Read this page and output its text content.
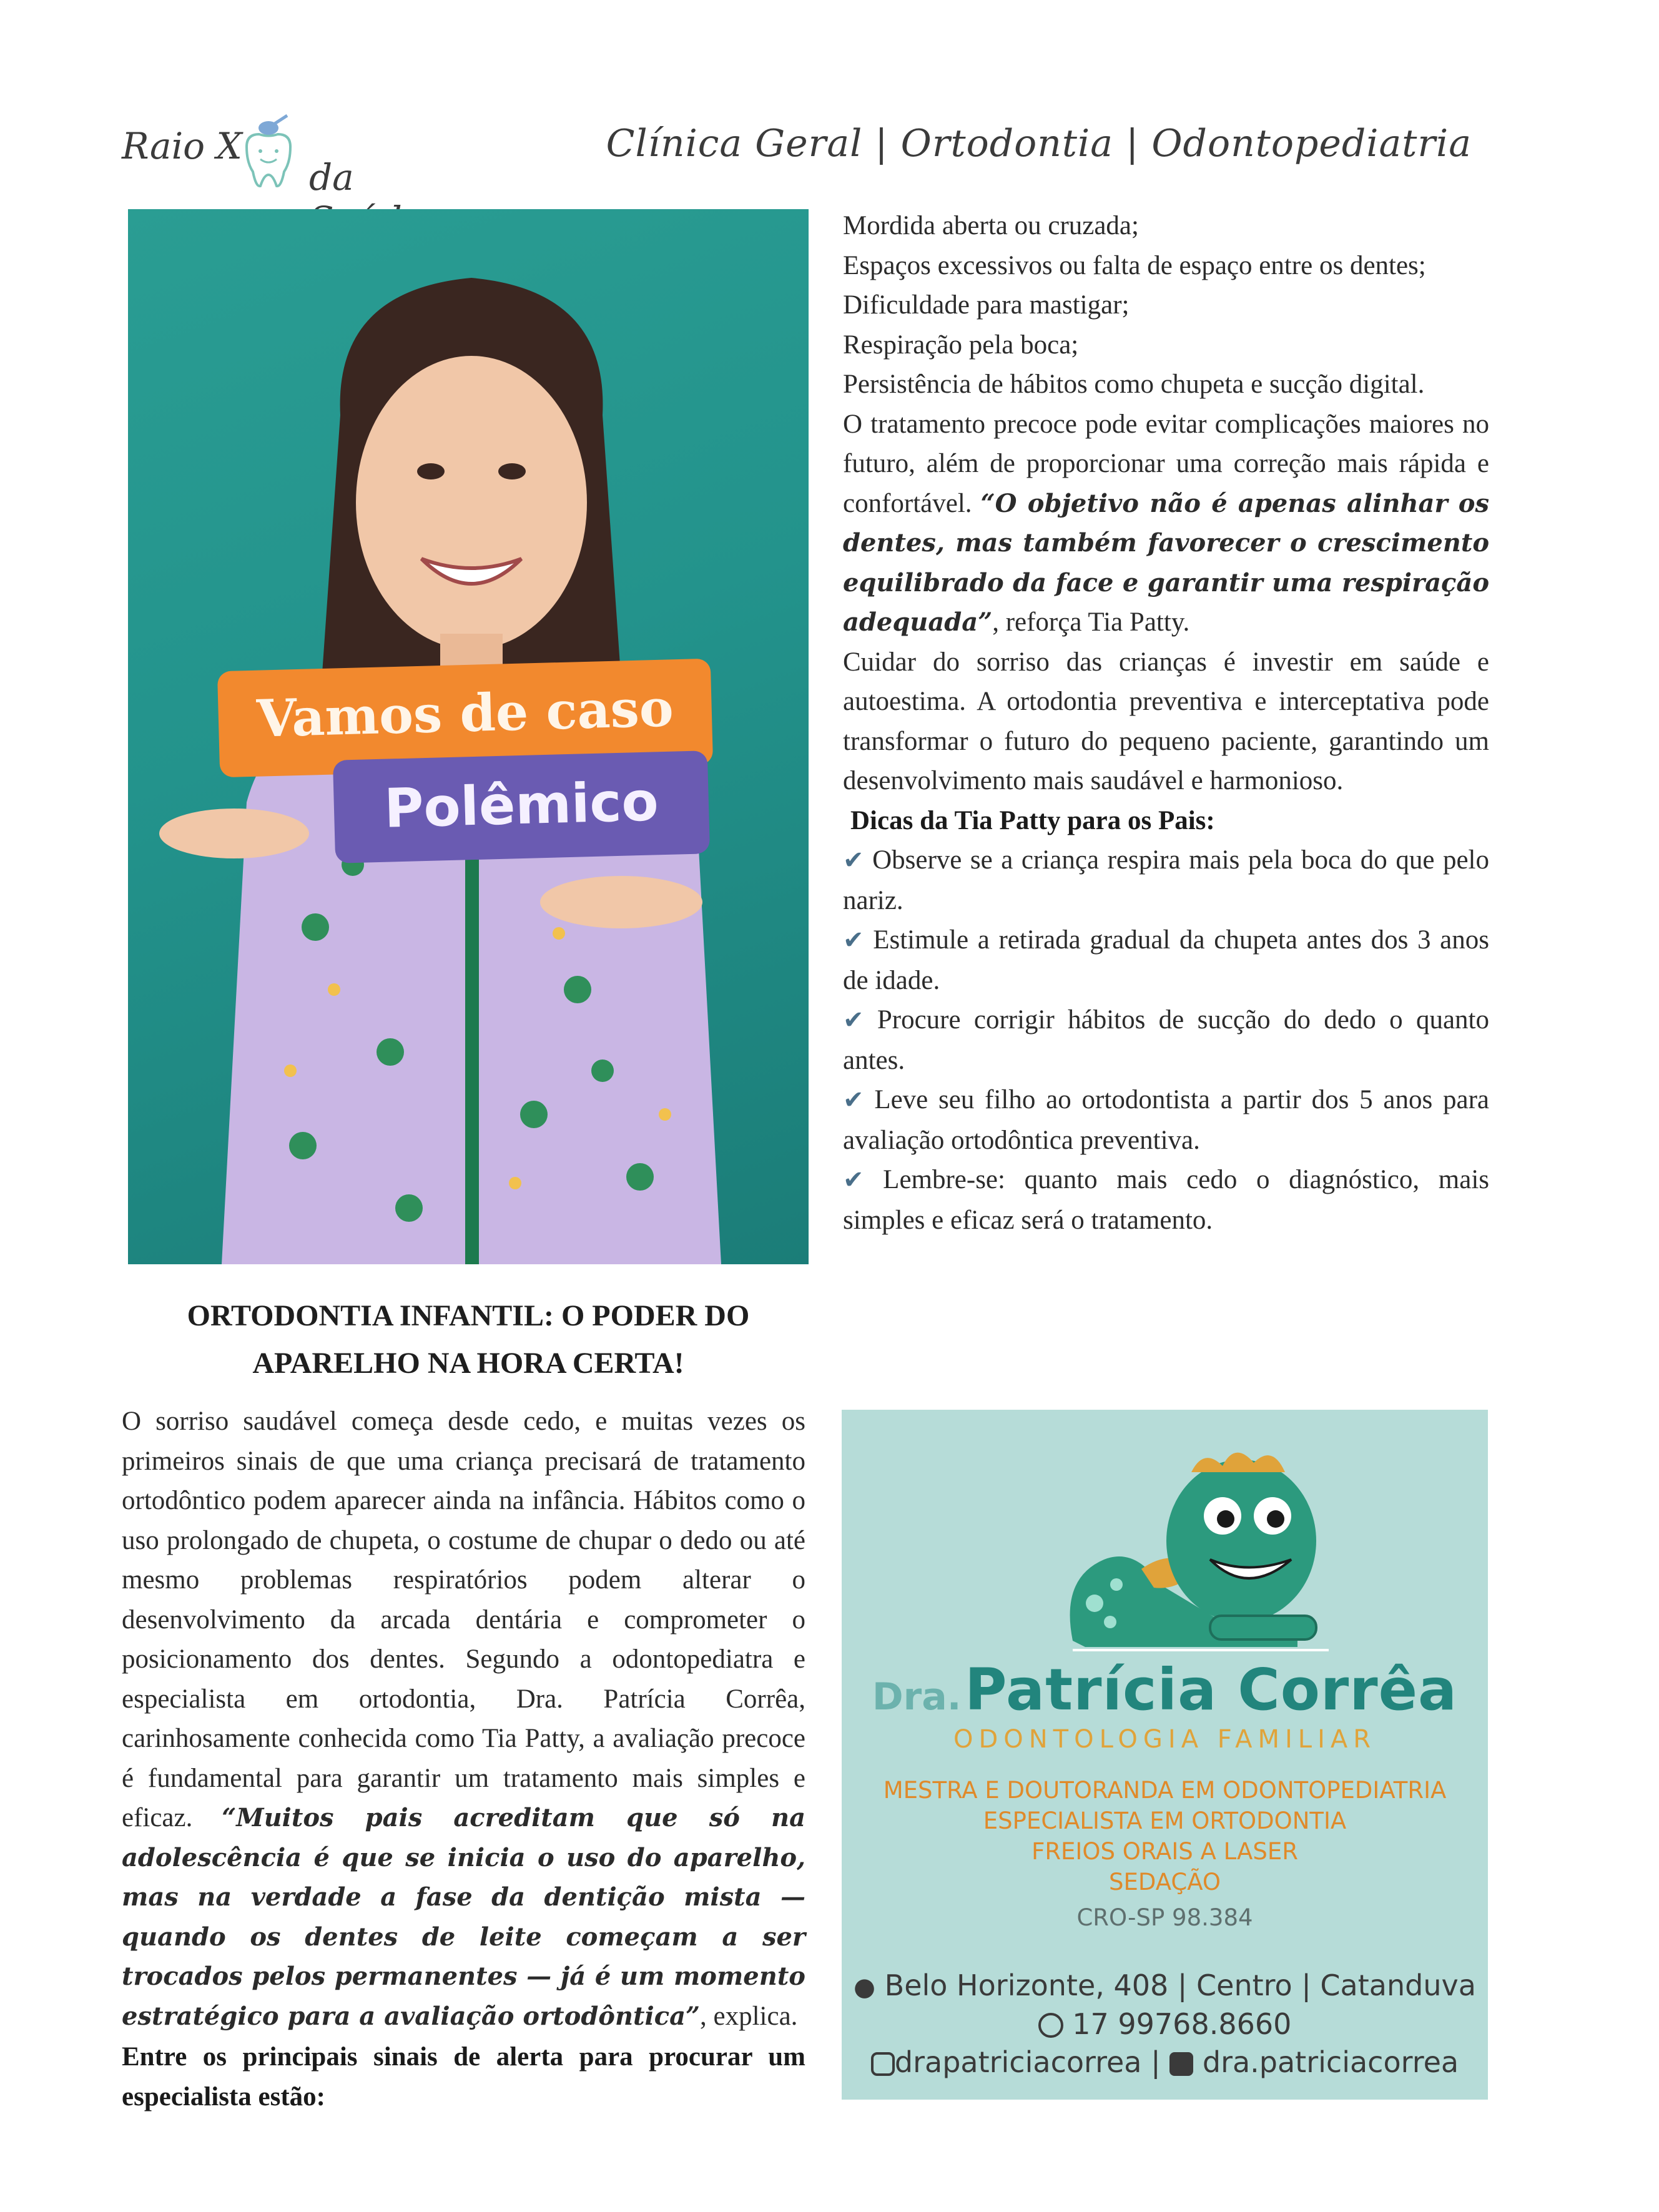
Raio X
da
Clínica Geral | Ortodontia | Odontopediatria
Vamos de caso
Polêmico
ORTODONTIA INFANTIL: O PODER DO
APARELHO NA HORA CERTA!
O sorriso saudável começa desde cedo, e muitas vezes os primeiros sinais de que uma criança precisará de tratamento ortodôntico podem aparecer ainda na infância. Hábitos como o uso prolongado de chupeta, o costume de chupar o dedo ou até mesmo problemas respiratórios podem alterar o desenvolvimento da arcada dentária e comprometer o posicionamento dos dentes. Segundo a odontopediatra e especialista em ortodontia, Dra. Patrícia Corrêa, carinhosamente conhecida como Tia Patty, a avaliação precoce é fundamental para garantir um tratamento mais simples e eficaz. “Muitos pais acreditam que só na adolescência é que se inicia o uso do aparelho, mas na verdade a fase da dentição mista — quando os dentes de leite começam a ser trocados pelos permanentes — já é um momento estratégico para a avaliação ortodôntica”, explica.
Entre os principais sinais de alerta para procurar um especialista estão:
Mordida aberta ou cruzada;
Espaços excessivos ou falta de espaço entre os dentes;
Dificuldade para mastigar;
Respiração pela boca;
Persistência de hábitos como chupeta e sucção digital.
O tratamento precoce pode evitar complicações maiores no futuro, além de proporcionar uma correção mais rápida e confortável. “O objetivo não é apenas alinhar os dentes, mas também favorecer o crescimento equilibrado da face e garantir uma respiração adequada”, reforça Tia Patty.
Cuidar do sorriso das crianças é investir em saúde e autoestima. A ortodontia preventiva e interceptativa pode transformar o futuro do pequeno paciente, garantindo um desenvolvimento mais saudável e harmonioso.
Dicas da Tia Patty para os Pais:
✔ Observe se a criança respira mais pela boca do que pelo nariz.
✔ Estimule a retirada gradual da chupeta antes dos 3 anos de idade.
✔ Procure corrigir hábitos de sucção do dedo o quanto antes.
✔ Leve seu filho ao ortodontista a partir dos 5 anos para avaliação ortodôntica preventiva.
✔ Lembre-se: quanto mais cedo o diagnóstico, mais simples e eficaz será o tratamento.
Dra. Patrícia Corrêa
ODONTOLOGIA FAMILIAR
MESTRA E DOUTORANDA EM ODONTOPEDIATRIA
ESPECIALISTA EM ORTODONTIA
FREIOS ORAIS A LASER
SEDAÇÃO
CRO-SP 98.384
● Belo Horizonte, 408 | Centro | Catanduva
17 99768.8660
drapatriciacorrea | dra.patriciacorrea
